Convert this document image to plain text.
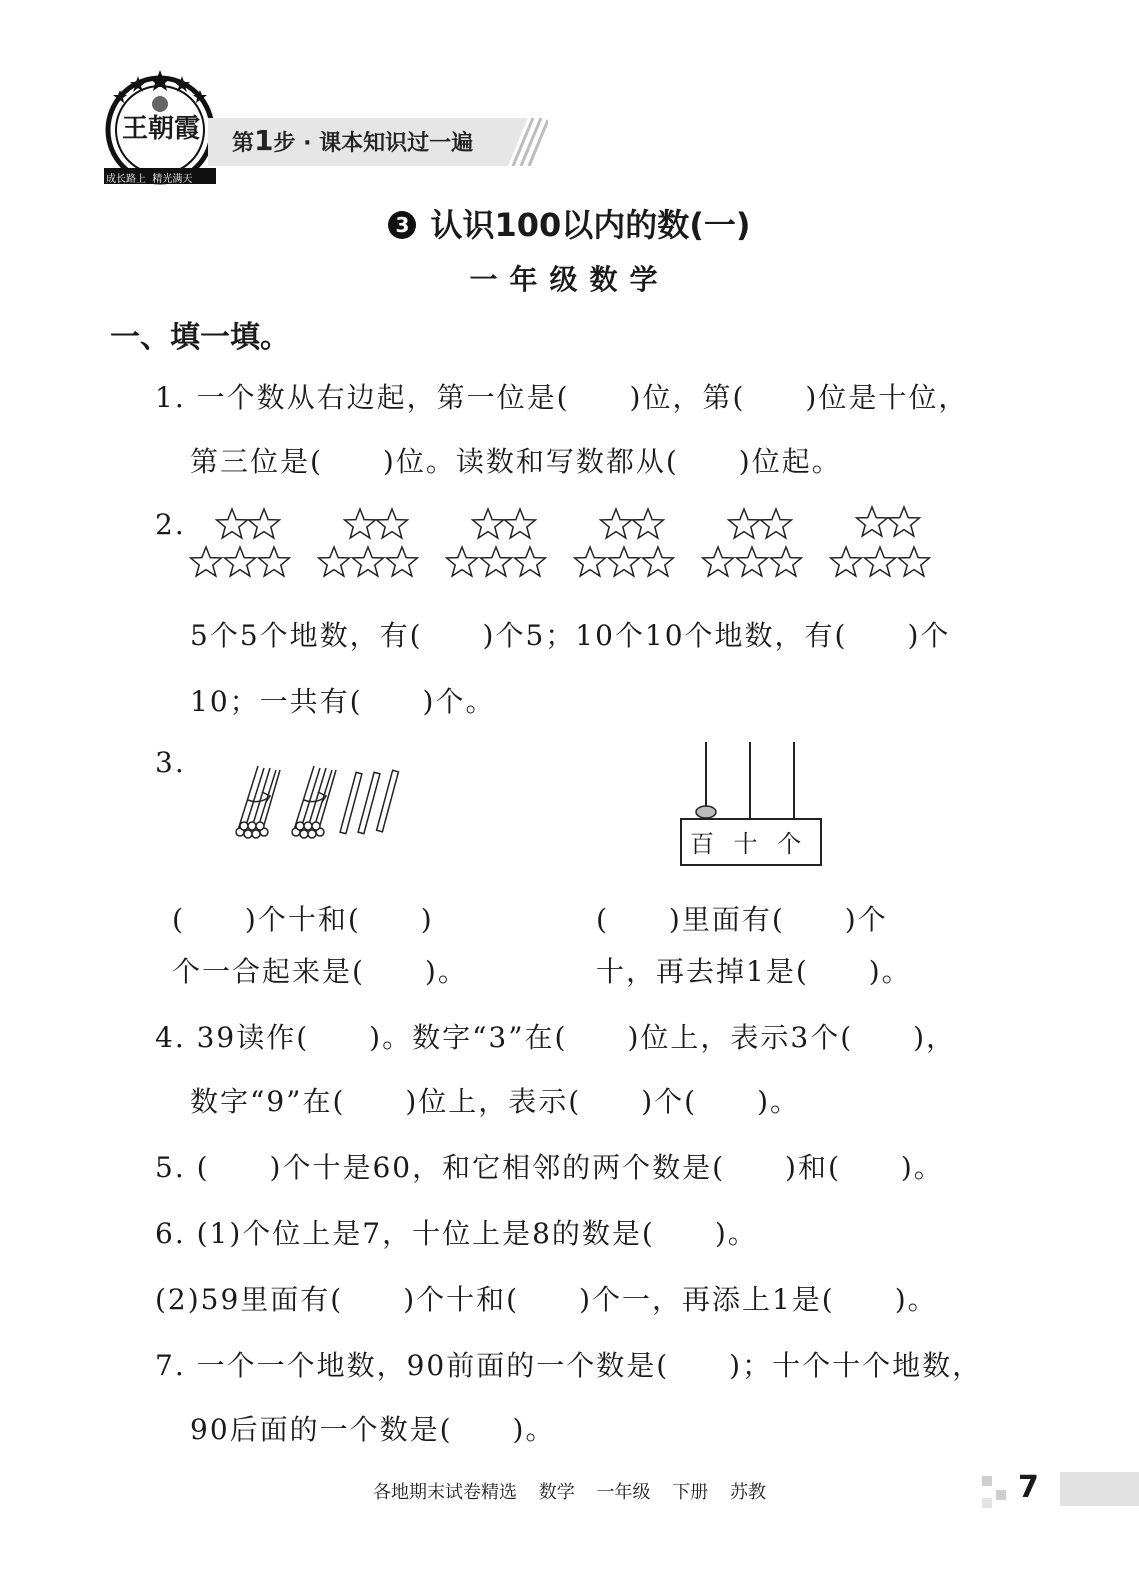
王朝霞
成长路上 精光满天
第1步 · 课本知识过一遍
3 认识100以内的数(一)
一年级数学
一、填一填。
1. 一个数从右边起，第一位是(　　)位，第(　　)位是十位，
第三位是(　　)位。读数和写数都从(　　)位起。
2.
5个5个地数，有(　　)个5；10个10个地数，有(　　)个
10；一共有(　　)个。
3.
百 十 个
(　　)个十和(　　)
个一合起来是(　　)。
(　　)里面有(　　)个
十，再去掉1是(　　)。
4. 39读作(　　)。数字“3”在(　　)位上，表示3个(　　)，
数字“9”在(　　)位上，表示(　　)个(　　)。
5. (　　)个十是60，和它相邻的两个数是(　　)和(　　)。
6. (1)个位上是7，十位上是8的数是(　　)。
(2)59里面有(　　)个十和(　　)个一，再添上1是(　　)。
7. 一个一个地数，90前面的一个数是(　　)；十个十个地数，
90后面的一个数是(　　)。
各地期末试卷精选 数学 一年级 下册 苏教	7
